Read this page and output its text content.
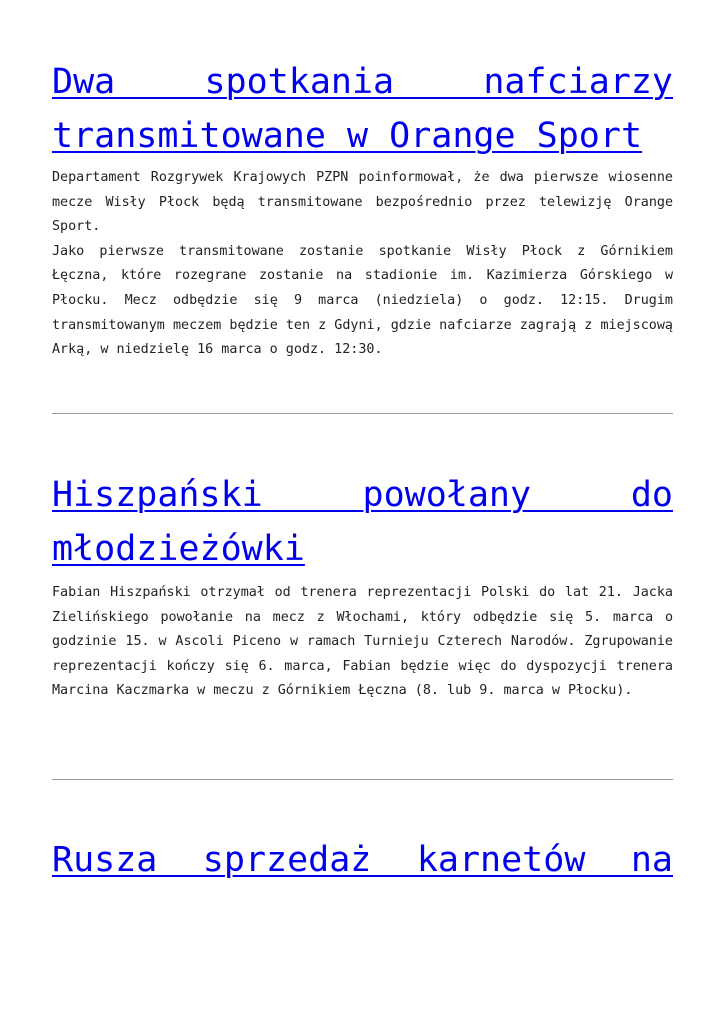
Dwa spotkania nafciarzy transmitowane w Orange Sport

Departament Rozgrywek Krajowych PZPN poinformował, że dwa pierwsze wiosenne mecze Wisły Płock będą transmitowane bezpośrednio przez telewizję Orange Sport.

Jako pierwsze transmitowane zostanie spotkanie Wisły Płock z Górnikiem Łęczna, które rozegrane zostanie na stadionie im. Kazimierza Górskiego w Płocku. Mecz odbędzie się 9 marca (niedziela) o godz. 12:15. Drugim transmitowanym meczem będzie ten z Gdyni, gdzie nafciarze zagrają z miejscową Arką, w niedzielę 16 marca o godz. 12:30.

Hiszpański powołany do młodzieżówki

Fabian Hiszpański otrzymał od trenera reprezentacji Polski do lat 21. Jacka Zielińskiego powołanie na mecz z Włochami, który odbędzie się 5. marca o godzinie 15. w Ascoli Piceno w ramach Turnieju Czterech Narodów. Zgrupowanie reprezentacji kończy się 6. marca, Fabian będzie więc do dyspozycji trenera Marcina Kaczmarka w meczu z Górnikiem Łęczna (8. lub 9. marca w Płocku).

Rusza sprzedaż karnetów na
